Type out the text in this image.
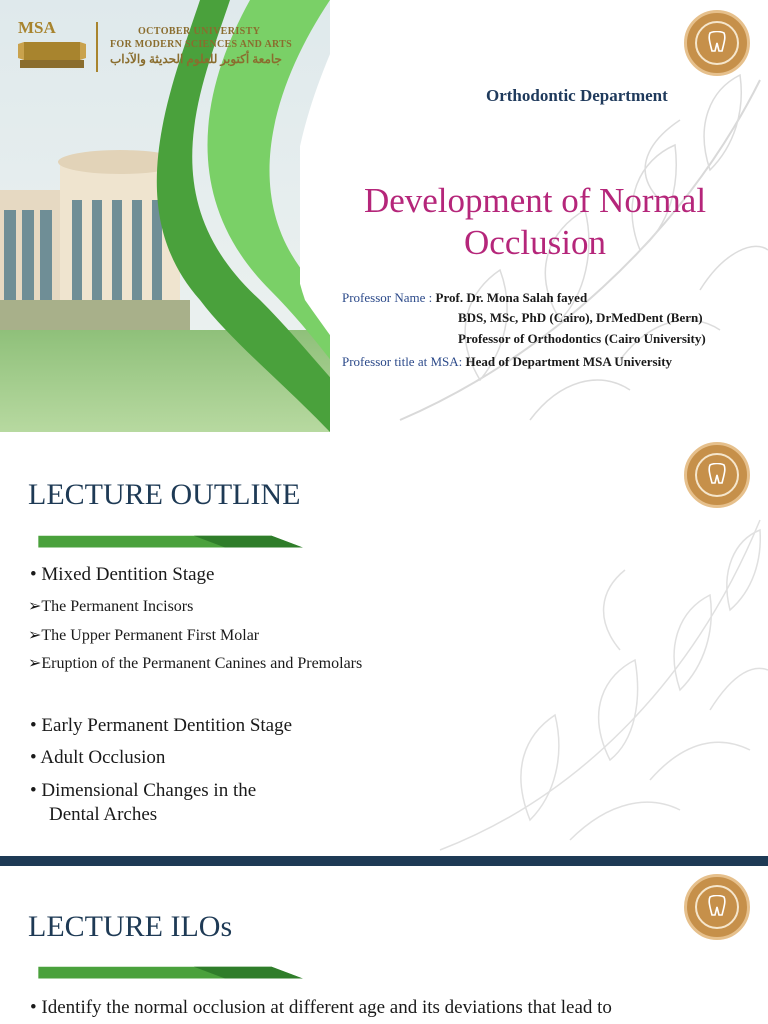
MSA	OCTOBER UNIVERISTY
FOR MODERN SCIENCES AND ARTS
جامعة أكتوبر للعلوم الحديثة والآداب
Orthodontic Department
Development of Normal
Occlusion
Professor Name : Prof. Dr. Mona Salah fayed
BDS, MSc, PhD (Cairo), DrMedDent (Bern)
Professor of Orthodontics (Cairo University)
Professor title at MSA: Head of Department MSA University
LECTURE OUTLINE
• Mixed Dentition Stage
➢The Permanent Incisors
➢The Upper Permanent First Molar
➢Eruption of the Permanent Canines and Premolars
• Early Permanent Dentition Stage
• Adult Occlusion
• Dimensional Changes in the
Dental Arches
LECTURE ILOs
• Identify the normal occlusion at different age and its deviations that lead to
